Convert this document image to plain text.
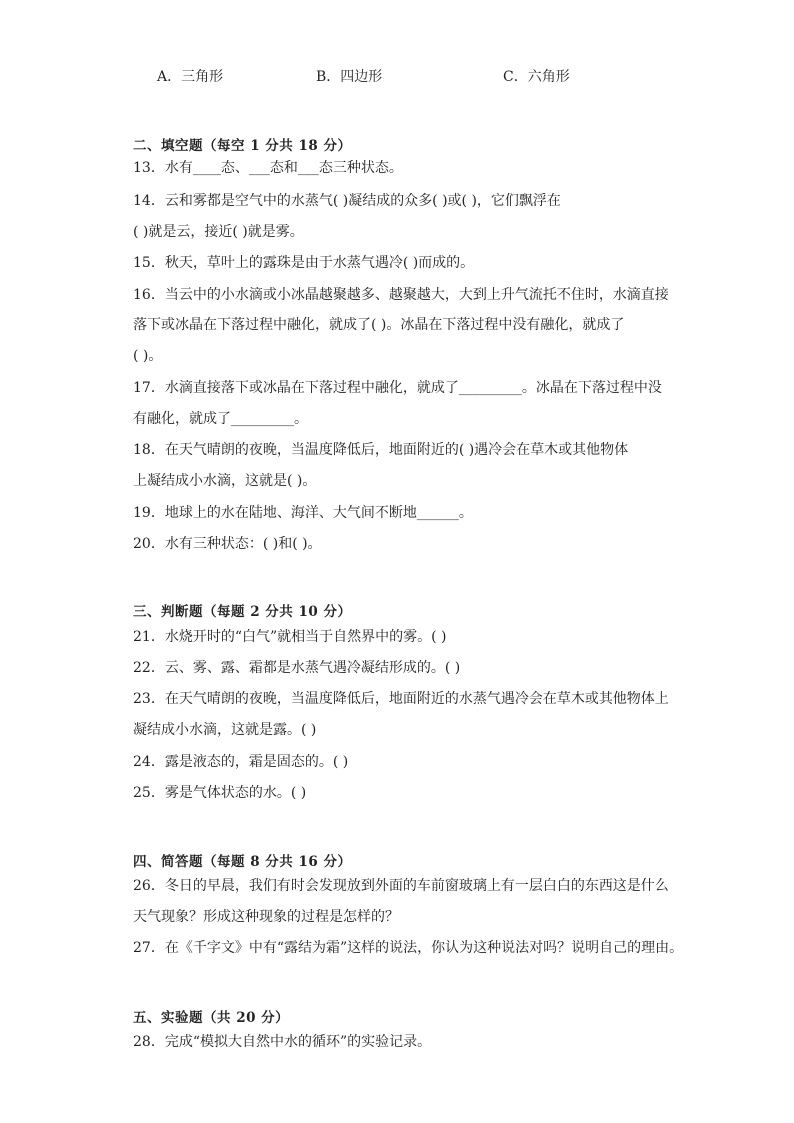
A．三角形	B．四边形	C．六角形
二、填空题（每空 1 分共 18 分）
13．水有____态、___态和___态三种状态。
14．云和雾都是空气中的水蒸气( )凝结成的众多( )或( )，它们飘浮在
( )就是云，接近( )就是雾。
15．秋天，草叶上的露珠是由于水蒸气遇冷( )而成的。
16．当云中的小水滴或小冰晶越聚越多、越聚越大，大到上升气流托不住时，水滴直接
落下或冰晶在下落过程中融化，就成了( )。冰晶在下落过程中没有融化，就成了
( )。
17．水滴直接落下或冰晶在下落过程中融化，就成了_________。冰晶在下落过程中没
有融化，就成了_________。
18．在天气晴朗的夜晚，当温度降低后，地面附近的( )遇冷会在草木或其他物体
上凝结成小水滴，这就是( )。
19．地球上的水在陆地、海洋、大气间不断地______。
20．水有三种状态：( )和( )。
三、判断题（每题 2 分共 10 分）
21．水烧开时的“白气”就相当于自然界中的雾。( )
22．云、雾、露、霜都是水蒸气遇冷凝结形成的。( )
23．在天气晴朗的夜晚，当温度降低后，地面附近的水蒸气遇冷会在草木或其他物体上
凝结成小水滴，这就是露。( )
24．露是液态的，霜是固态的。( )
25．雾是气体状态的水。( )
四、简答题（每题 8 分共 16 分）
26．冬日的早晨，我们有时会发现放到外面的车前窗玻璃上有一层白白的东西这是什么
天气现象？形成这种现象的过程是怎样的？
27．在《千字文》中有“露结为霜”这样的说法，你认为这种说法对吗？说明自己的理由。
五、实验题（共 20 分）
28．完成“模拟大自然中水的循环”的实验记录。
